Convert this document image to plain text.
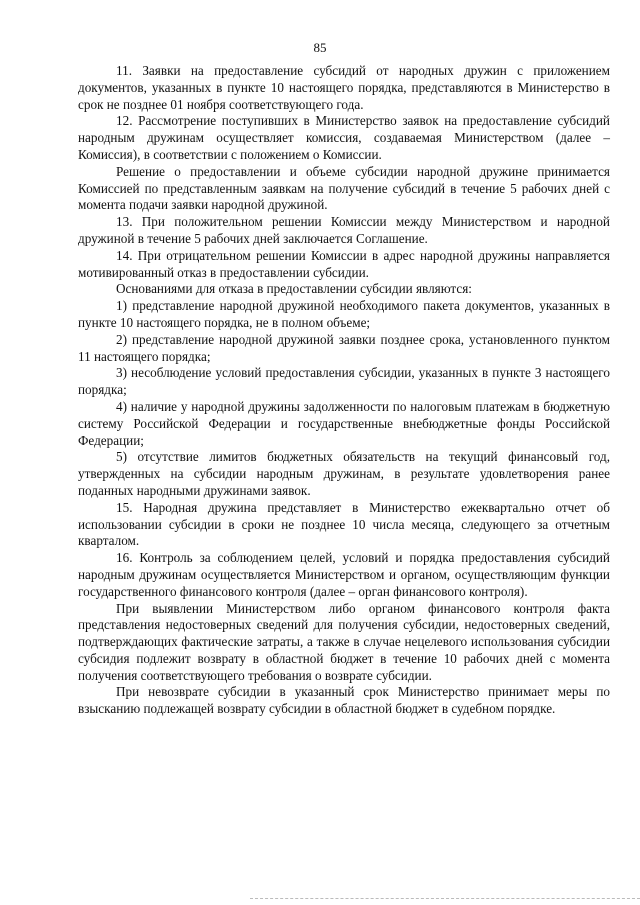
85

11. Заявки на предоставление субсидий от народных дружин с приложением документов, указанных в пункте 10 настоящего порядка, представляются в Министерство в срок не позднее 01 ноября соответствующего года.

12. Рассмотрение поступивших в Министерство заявок на предоставление субсидий народным дружинам осуществляет комиссия, создаваемая Министерством (далее – Комиссия), в соответствии с положением о Комиссии.

Решение о предоставлении и объеме субсидии народной дружине принимается Комиссией по представленным заявкам на получение субсидий в течение 5 рабочих дней с момента подачи заявки народной дружиной.

13. При положительном решении Комиссии между Министерством и народной дружиной в течение 5 рабочих дней заключается Соглашение.

14. При отрицательном решении Комиссии в адрес народной дружины направляется мотивированный отказ в предоставлении субсидии.

Основаниями для отказа в предоставлении субсидии являются:

1) представление народной дружиной необходимого пакета документов, указанных в пункте 10 настоящего порядка, не в полном объеме;

2) представление народной дружиной заявки позднее срока, установленного пунктом 11 настоящего порядка;

3) несоблюдение условий предоставления субсидии, указанных в пункте 3 настоящего порядка;

4) наличие у народной дружины задолженности по налоговым платежам в бюджетную систему Российской Федерации и государственные внебюджетные фонды Российской Федерации;

5) отсутствие лимитов бюджетных обязательств на текущий финансовый год, утвержденных на субсидии народным дружинам, в результате удовлетворения ранее поданных народными дружинами заявок.

15. Народная дружина представляет в Министерство ежеквартально отчет об использовании субсидии в сроки не позднее 10 числа месяца, следующего за отчетным кварталом.

16. Контроль за соблюдением целей, условий и порядка предоставления субсидий народным дружинам осуществляется Министерством и органом, осуществляющим функции государственного финансового контроля (далее – орган финансового контроля).

При выявлении Министерством либо органом финансового контроля факта представления недостоверных сведений для получения субсидии, недостоверных сведений, подтверждающих фактические затраты, а также в случае нецелевого использования субсидии субсидия подлежит возврату в областной бюджет в течение 10 рабочих дней с момента получения соответствующего требования о возврате субсидии.

При невозврате субсидии в указанный срок Министерство принимает меры по взысканию подлежащей возврату субсидии в областной бюджет в судебном порядке.
